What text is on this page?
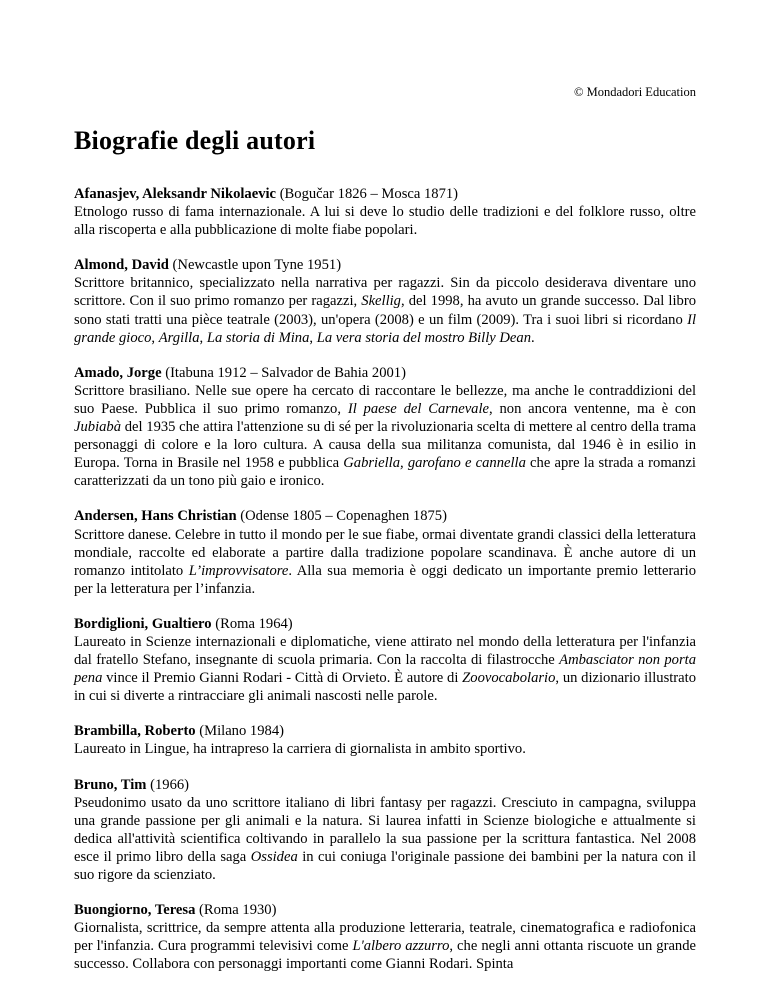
© Mondadori Education
Biografie degli autori

Afanasjev, Aleksandr Nikolaevic (Bogučar 1826 – Mosca 1871)

Etnologo russo di fama internazionale. A lui si deve lo studio delle tradizioni e del folklore russo, oltre alla riscoperta e alla pubblicazione di molte fiabe popolari.

Almond, David (Newcastle upon Tyne 1951)

Scrittore britannico, specializzato nella narrativa per ragazzi. Sin da piccolo desiderava diventare uno scrittore. Con il suo primo romanzo per ragazzi, Skellig, del 1998, ha avuto un grande successo. Dal libro sono stati tratti una pièce teatrale (2003), un'opera (2008) e un film (2009). Tra i suoi libri si ricordano Il grande gioco, Argilla, La storia di Mina, La vera storia del mostro Billy Dean.

Amado, Jorge (Itabuna 1912 – Salvador de Bahia 2001)

Scrittore brasiliano. Nelle sue opere ha cercato di raccontare le bellezze, ma anche le contraddizioni del suo Paese. Pubblica il suo primo romanzo, Il paese del Carnevale, non ancora ventenne, ma è con Jubiabà del 1935 che attira l'attenzione su di sé per la rivoluzionaria scelta di mettere al centro della trama personaggi di colore e la loro cultura. A causa della sua militanza comunista, dal 1946 è in esilio in Europa. Torna in Brasile nel 1958 e pubblica Gabriella, garofano e cannella che apre la strada a romanzi caratterizzati da un tono più gaio e ironico.

Andersen, Hans Christian (Odense 1805 – Copenaghen 1875)

Scrittore danese. Celebre in tutto il mondo per le sue fiabe, ormai diventate grandi classici della letteratura mondiale, raccolte ed elaborate a partire dalla tradizione popolare scandinava. È anche autore di un romanzo intitolato L’improvvisatore. Alla sua memoria è oggi dedicato un importante premio letterario per la letteratura per l’infanzia.

Bordiglioni, Gualtiero (Roma 1964)

Laureato in Scienze internazionali e diplomatiche, viene attirato nel mondo della letteratura per l'infanzia dal fratello Stefano, insegnante di scuola primaria. Con la raccolta di filastrocche Ambasciator non porta pena vince il Premio Gianni Rodari - Città di Orvieto. È autore di Zoovocabolario, un dizionario illustrato in cui si diverte a rintracciare gli animali nascosti nelle parole.

Brambilla, Roberto (Milano 1984)

Laureato in Lingue, ha intrapreso la carriera di giornalista in ambito sportivo.

Bruno, Tim (1966)

Pseudonimo usato da uno scrittore italiano di libri fantasy per ragazzi. Cresciuto in campagna, sviluppa una grande passione per gli animali e la natura. Si laurea infatti in Scienze biologiche e attualmente si dedica all'attività scientifica coltivando in parallelo la sua passione per la scrittura fantastica. Nel 2008 esce il primo libro della saga Ossidea in cui coniuga l'originale passione dei bambini per la natura con il suo rigore da scienziato.

Buongiorno, Teresa (Roma 1930)

Giornalista, scrittrice, da sempre attenta alla produzione letteraria, teatrale, cinematografica e radiofonica per l'infanzia. Cura programmi televisivi come L'albero azzurro, che negli anni ottanta riscuote un grande successo. Collabora con personaggi importanti come Gianni Rodari. Spinta
